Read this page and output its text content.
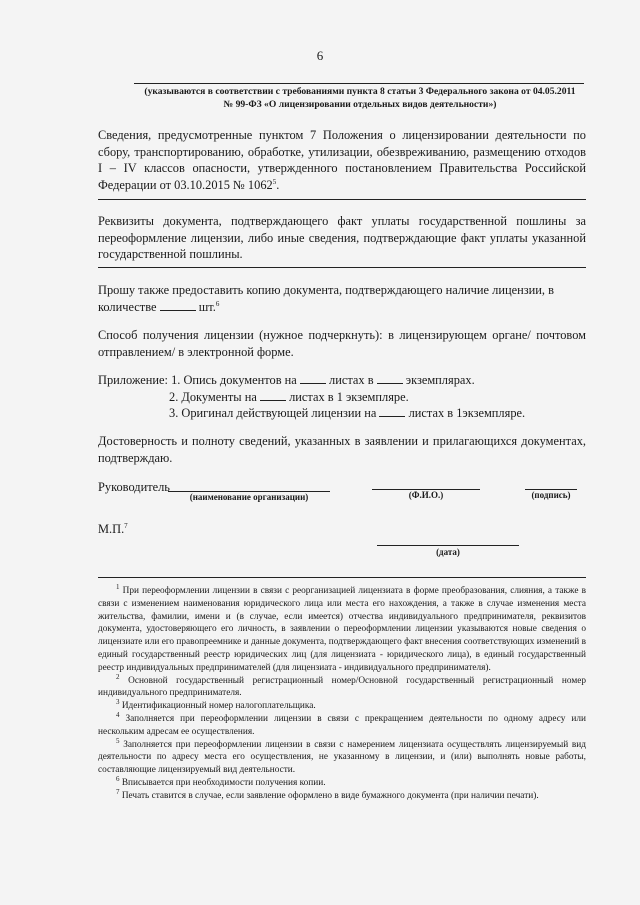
6
(указываются в соответствии с требованиями пункта 8 статьи 3 Федерального закона от 04.05.2011
№ 99-ФЗ «О лицензировании отдельных видов деятельности»)
Сведения, предусмотренные пунктом 7 Положения о лицензировании деятельности по сбору, транспортированию, обработке, утилизации, обезвреживанию, размещению отходов I – IV классов опасности, утвержденного постановлением Правительства Российской Федерации от 03.10.2015 № 1062$^5$.
Реквизиты документа, подтверждающего факт уплаты государственной пошлины за переоформление лицензии, либо иные сведения, подтверждающие факт уплаты указанной государственной пошлины.
Прошу также предоставить копию документа, подтверждающего наличие лицензии, в
количестве	шт.$^6$
Способ получения лицензии (нужное подчеркнуть): в лицензирующем органе/ почтовом отправлением/ в электронной форме.
Приложение: 1. Опись документов на	листах в	экземплярах.
2. Документы на	листах в 1 экземпляре.
3. Оригинал действующей лицензии на	листах в 1экземпляре.
Достоверность и полноту сведений, указанных в заявлении и прилагающихся документах, подтверждаю.
Руководитель
(наименование организации)	(Ф.И.О.)	(подпись)
М.П.$^7$
(дата)

$^1$ При переоформлении лицензии в связи с реорганизацией лицензиата в форме преобразования, слияния, а также в связи с изменением наименования юридического лица или места его нахождения, а также в случае изменения места жительства, фамилии, имени и (в случае, если имеется) отчества индивидуального предпринимателя, реквизитов документа, удостоверяющего его личность, в заявлении о переоформлении лицензии указываются новые сведения о лицензиате или его правопреемнике и данные документа, подтверждающего факт внесения соответствующих изменений в единый государственный реестр юридических лиц (для лицензиата - юридического лица), в единый государственный реестр индивидуальных предпринимателей (для лицензиата - индивидуального предпринимателя).

$^2$ Основной государственный регистрационный номер/Основной государственный регистрационный номер индивидуального предпринимателя.

$^3$ Идентификационный номер налогоплательщика.

$^4$ Заполняется при переоформлении лицензии в связи с прекращением деятельности по одному адресу или нескольким адресам ее осуществления.

$^5$ Заполняется при переоформлении лицензии в связи с намерением лицензиата осуществлять лицензируемый вид деятельности по адресу места его осуществления, не указанному в лицензии, и (или) выполнять новые работы, составляющие лицензируемый вид деятельности.

$^6$ Вписывается при необходимости получения копии.

$^7$ Печать ставится в случае, если заявление оформлено в виде бумажного документа (при наличии печати).
